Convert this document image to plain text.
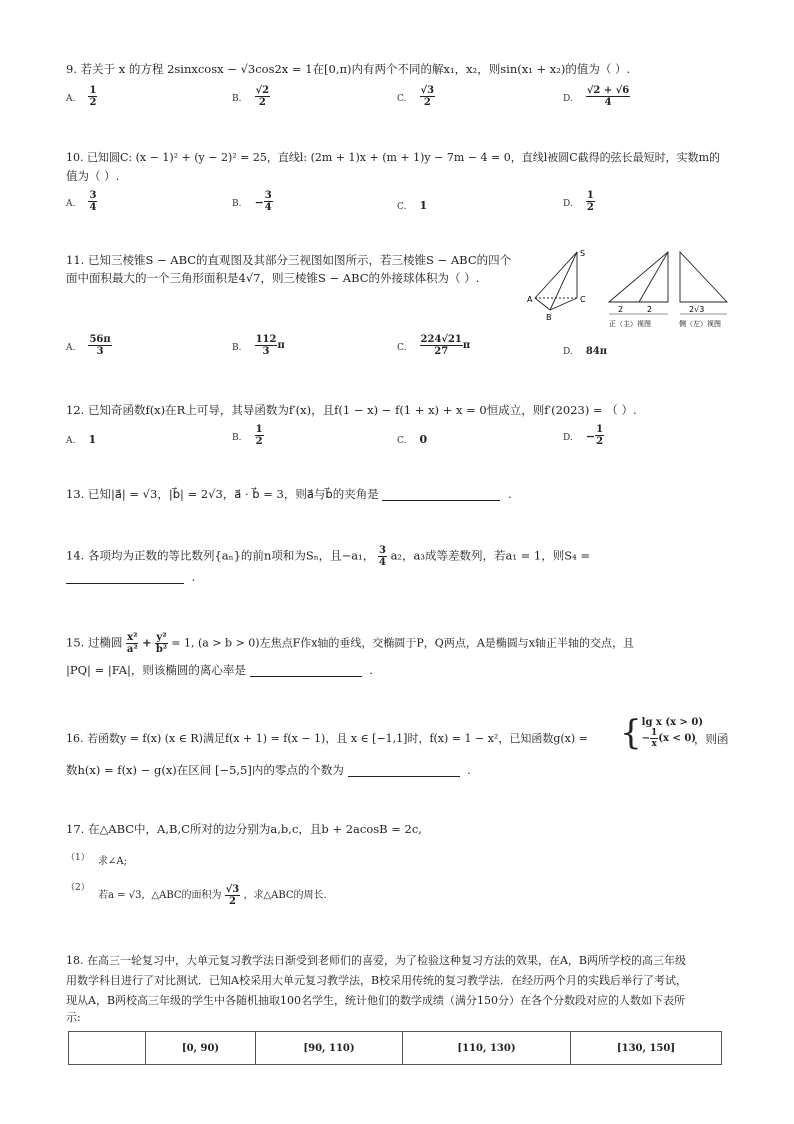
9. 若关于 x 的方程 2sinxcosx − √3cos2x = 1在[0,π)内有两个不同的解x₁，x₂，则sin(x₁ + x₂)的值为（ ）.
A. $\frac{1}{2}$	B. $\frac{√2}{2}$	C. $\frac{√3}{2}$	D. $\frac{√2 + √6}{4}$
10. 已知圆C: (x − 1)² + (y − 2)² = 25，直线l: (2m + 1)x + (m + 1)y − 7m − 4 = 0，直线l被圆C截得的弦长最短时，实数m的
值为（ ）.
A. $\frac{3}{4}$	B. − $\frac{3}{4}$	C. 1	D. $\frac{1}{2}$
11. 已知三棱锥S − ABC的直观图及其部分三视图如图所示，若三棱锥S − ABC的四个
面中面积最大的一个三角形面积是4√7，则三棱锥S − ABC的外接球体积为（ ）.
S
A
B
C
2	2
正（主）视图
2√3
侧（左）视图
A. $\frac{56\pi}{3}$	B. $\frac{112}{3}$ π	C. $\frac{224√21}{27}$ π
D. 84π
12. 已知奇函数f(x)在R上可导，其导函数为f′(x)，且f(1 − x) − f(1 + x) + x = 0恒成立，则f′(2023) = （ ）.
A. 1	B. $\frac{1}{2}$	C. 0	D. − $\frac{1}{2}$
13. 已知|a⃗| = √3，|b⃗| = 2√3，a⃗ · b⃗ = 3，则a⃗与b⃗的夹角是	.
14. 各项均为正数的等比数列{aₙ}的前n项和为Sₙ，且−a₁， $\frac{3}{4} a_2$，a₃成等差数列，若a₁ = 1，则S₄ =
.
15. 过椭圆 $\frac{\text{x²}}{\text{a²}} + \frac{\text{y²}}{\text{b²}} = 1$, (a > b > 0)左焦点F作x轴的垂线，交椭圆于P，Q两点，A是椭圆与x轴正半轴的交点，且
|PQ| = |FA|，则该椭圆的离心率是	.
16. 若函数y = f(x) (x ∈ R)满足f(x + 1) = f(x − 1)，且 x ∈ [−1,1]时，f(x) = 1 − x²，已知函数g(x) = { lg x (x > 0)
− $\frac{1}{x} (x < 0)$
，则函
数h(x) = f(x) − g(x)在区间 [−5,5]内的零点的个数为	.
17. 在△ABC中，A,B,C所对的边分别为a,b,c，且b + 2acosB = 2c,
（1） 求∠A;
（2）
若a = √3，△ABC的面积为 $\frac{√3}{2}$ ，求△ABC的周长.
18. 在高三一轮复习中，大单元复习教学法日渐受到老师们的喜爱，为了检验这种复习方法的效果，在A，B两所学校的高三年级
用数学科目进行了对比测试．已知A校采用大单元复习教学法，B校采用传统的复习教学法．在经历两个月的实践后举行了考试，
现从A，B两校高三年级的学生中各随机抽取100名学生，统计他们的数学成绩（满分150分）在各个分数段对应的人数如下表所
示:
	[0, 90)	[90, 110)	[110, 130)	[130, 150]
